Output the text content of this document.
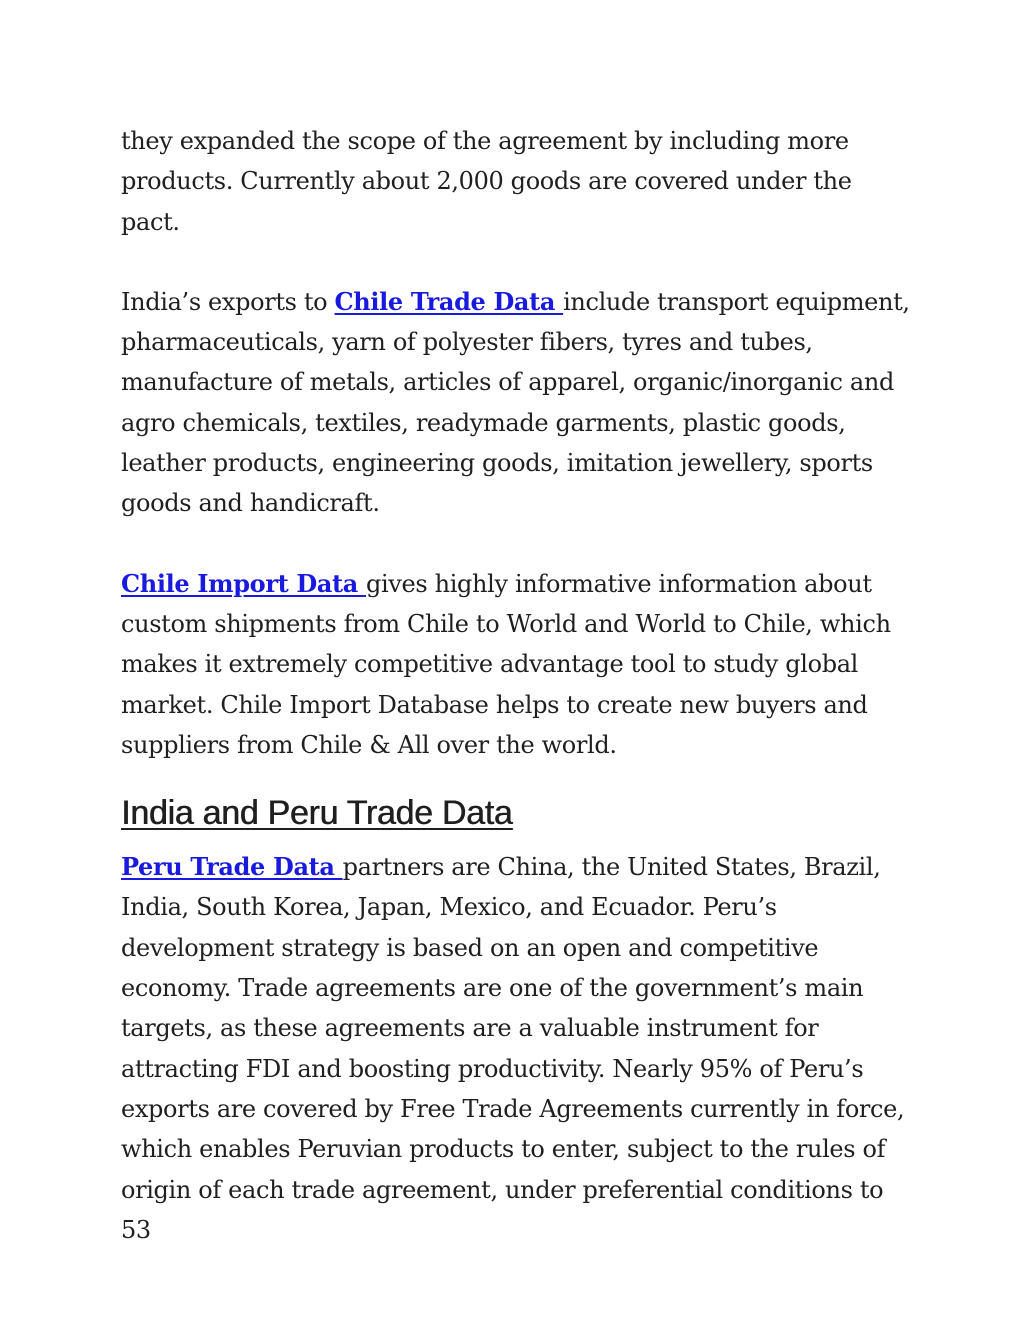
they expanded the scope of the agreement by including more products. Currently about 2,000 goods are covered under the pact.

India’s exports to Chile Trade Data include transport equipment, pharmaceuticals, yarn of polyester fibers, tyres and tubes, manufacture of metals, articles of apparel, organic/inorganic and agro chemicals, textiles, readymade garments, plastic goods, leather products, engineering goods, imitation jewellery, sports goods and handicraft.

Chile Import Data gives highly informative information about custom shipments from Chile to World and World to Chile, which makes it extremely competitive advantage tool to study global market. Chile Import Database helps to create new buyers and suppliers from Chile & All over the world.

India and Peru Trade Data

Peru Trade Data partners are China, the United States, Brazil, India, South Korea, Japan, Mexico, and Ecuador. Peru’s development strategy is based on an open and competitive economy. Trade agreements are one of the government’s main targets, as these agreements are a valuable instrument for attracting FDI and boosting productivity. Nearly 95% of Peru’s exports are covered by Free Trade Agreements currently in force, which enables Peruvian products to enter, subject to the rules of origin of each trade agreement, under preferential conditions to 53
